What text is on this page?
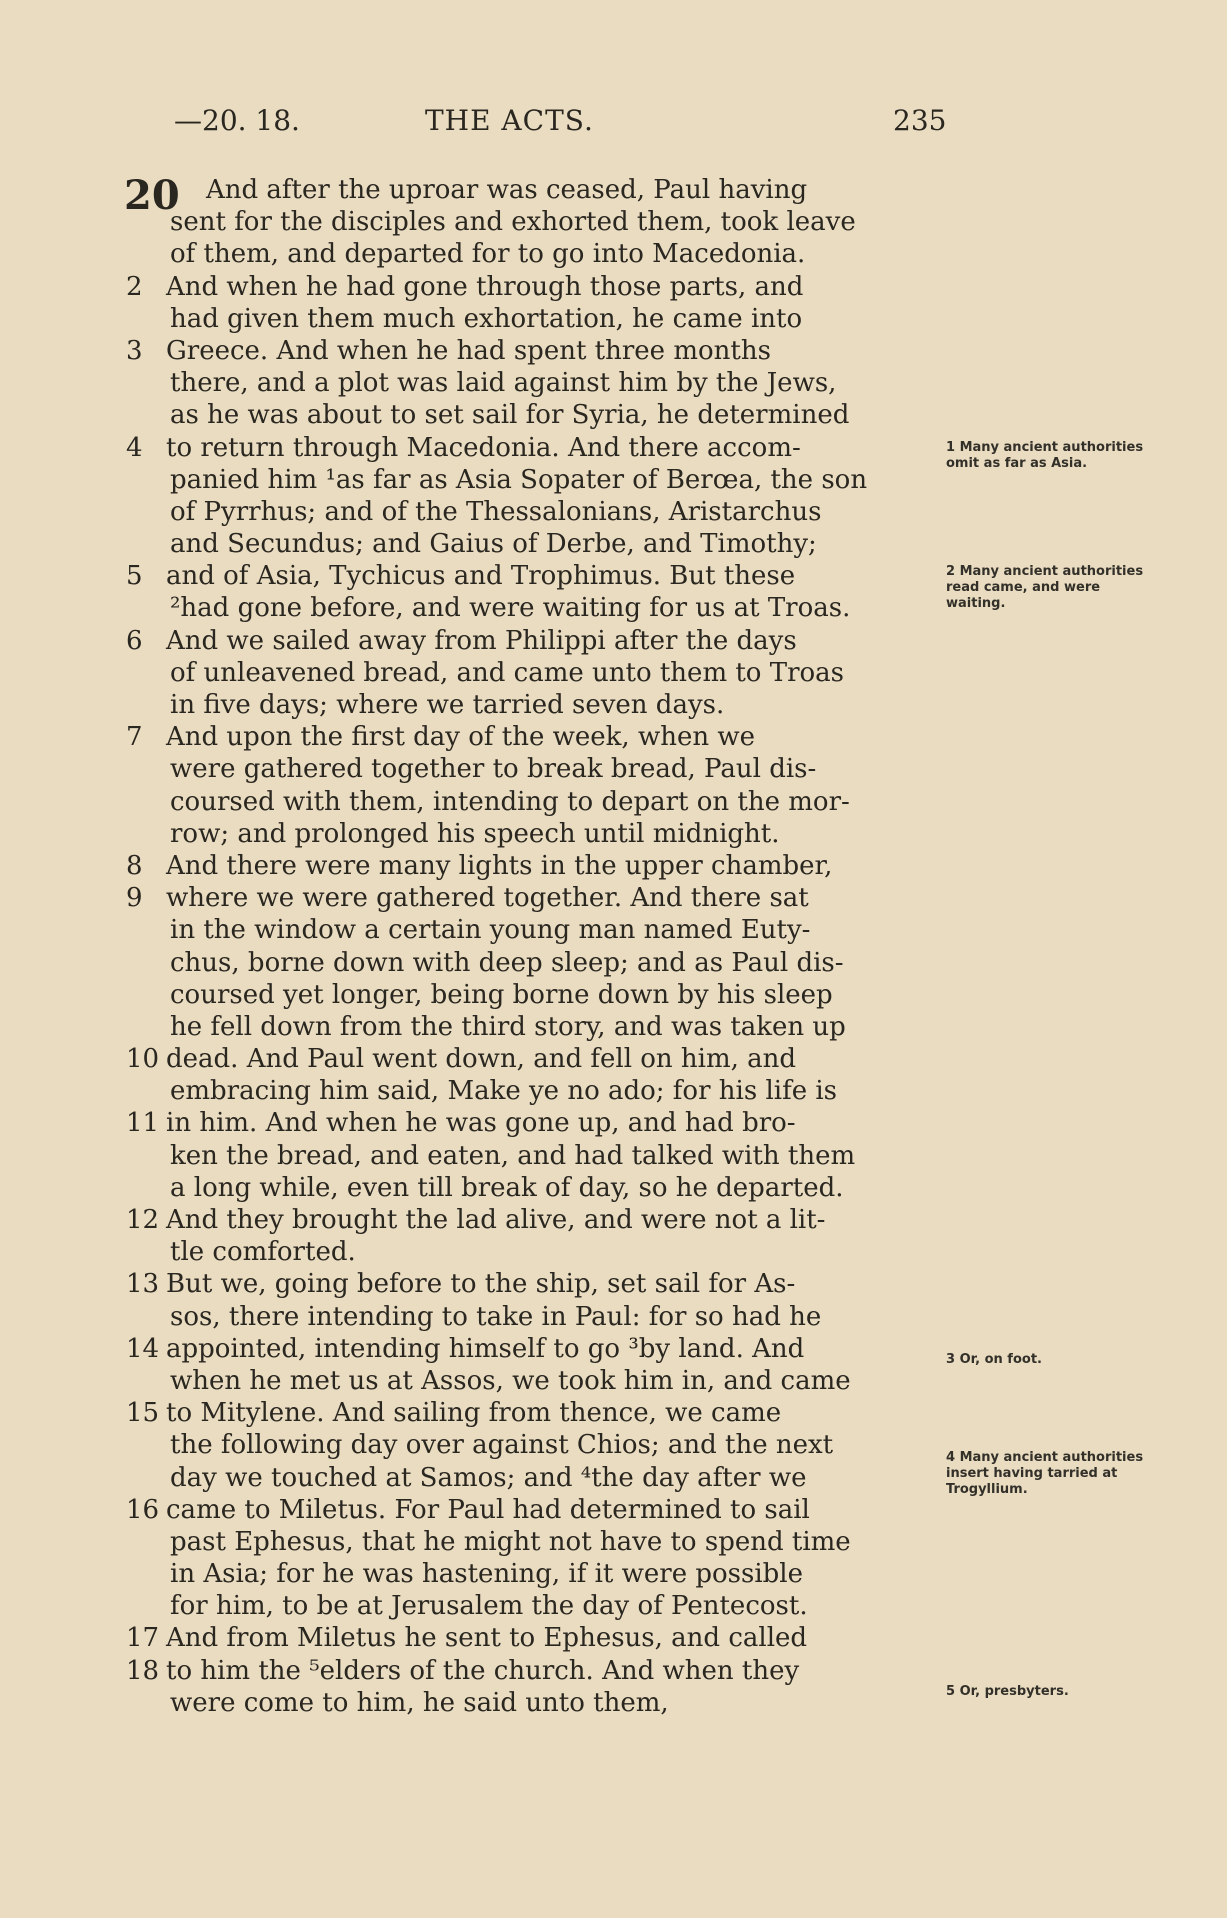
—20. 18.	THE ACTS.	235
20 And after the uproar was ceased, Paul having
sent for the disciples and exhorted them, took leave
of them, and departed for to go into Macedonia.
2 And when he had gone through those parts, and
had given them much exhortation, he came into
3 Greece. And when he had spent three months
there, and a plot was laid against him by the Jews,
as he was about to set sail for Syria, he determined
4 to return through Macedonia. And there accom-
panied him ¹as far as Asia Sopater of Berœa, the son
of Pyrrhus; and of the Thessalonians, Aristarchus
and Secundus; and Gaius of Derbe, and Timothy;
5 and of Asia, Tychicus and Trophimus. But these
²had gone before, and were waiting for us at Troas.
6 And we sailed away from Philippi after the days
of unleavened bread, and came unto them to Troas
in five days; where we tarried seven days.
7 And upon the first day of the week, when we
were gathered together to break bread, Paul dis-
coursed with them, intending to depart on the mor-
row; and prolonged his speech until midnight.
8 And there were many lights in the upper chamber,
9 where we were gathered together. And there sat
in the window a certain young man named Euty-
chus, borne down with deep sleep; and as Paul dis-
coursed yet longer, being borne down by his sleep
he fell down from the third story, and was taken up
10 dead. And Paul went down, and fell on him, and
embracing him said, Make ye no ado; for his life is
11 in him. And when he was gone up, and had bro-
ken the bread, and eaten, and had talked with them
a long while, even till break of day, so he departed.
12 And they brought the lad alive, and were not a lit-
tle comforted.
13 But we, going before to the ship, set sail for As-
sos, there intending to take in Paul: for so had he
14 appointed, intending himself to go ³by land. And
when he met us at Assos, we took him in, and came
15 to Mitylene. And sailing from thence, we came
the following day over against Chios; and the next
day we touched at Samos; and ⁴the day after we
16 came to Miletus. For Paul had determined to sail
past Ephesus, that he might not have to spend time
in Asia; for he was hastening, if it were possible
for him, to be at Jerusalem the day of Pentecost.
17 And from Miletus he sent to Ephesus, and called
18 to him the ⁵elders of the church. And when they
were come to him, he said unto them,
1 Many ancient authorities omit as far as Asia.
2 Many ancient authorities read came, and were waiting.
3 Or, on foot.
4 Many ancient authorities insert having tarried at Trogyllium.
5 Or, presbyters.
